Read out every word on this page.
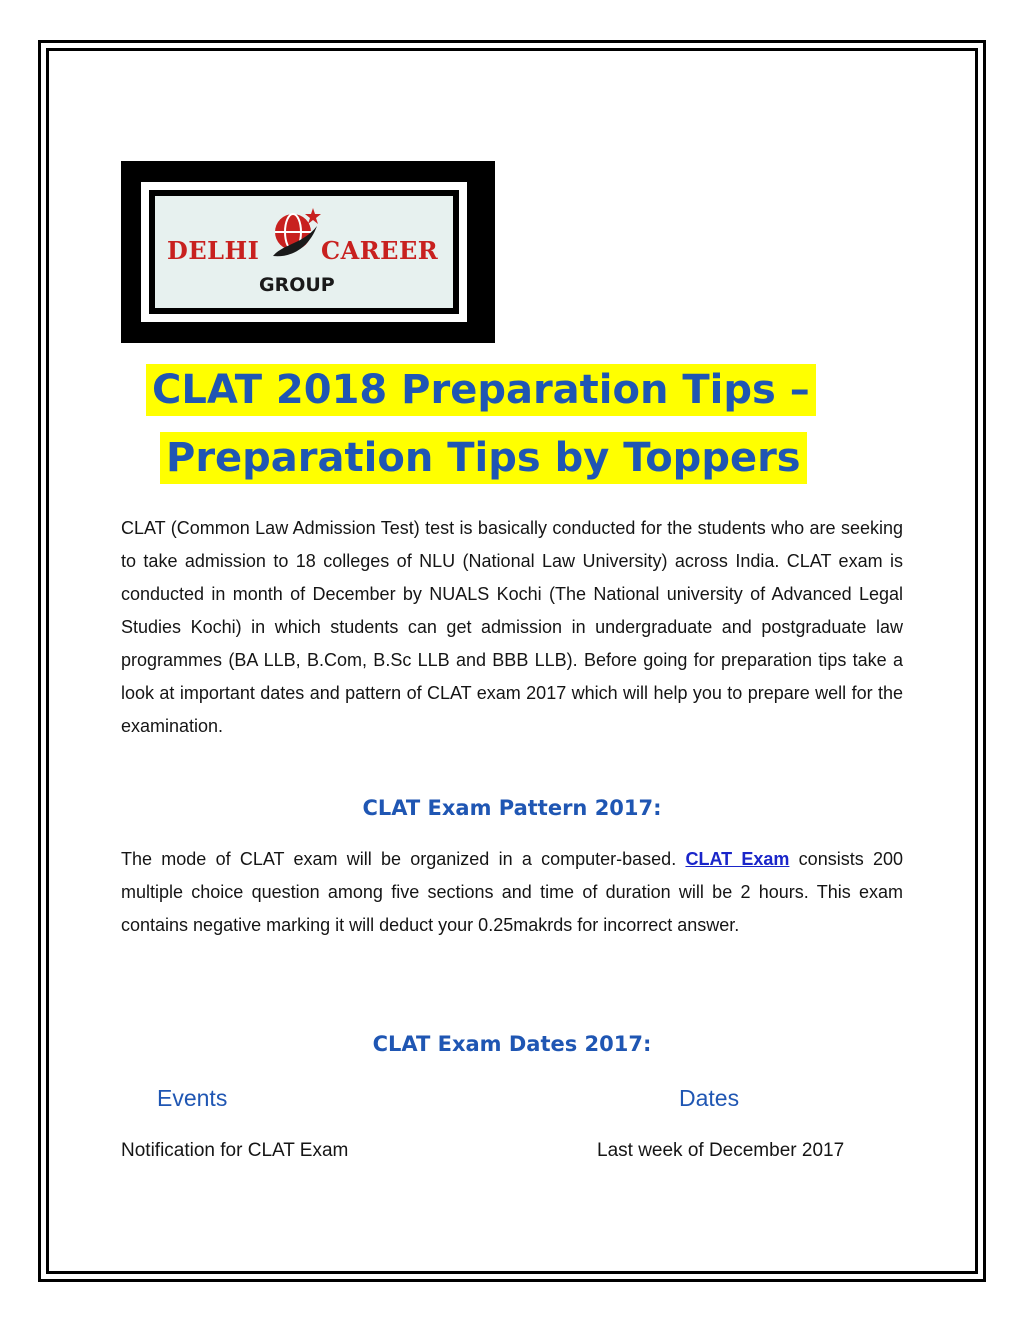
DELHI	CAREER
GROUP
CLAT 2018 Preparation Tips –
Preparation Tips by Toppers

CLAT (Common Law Admission Test) test is basically conducted for the students who are seeking to take admission to 18 colleges of NLU (National Law University) across India. CLAT exam is conducted in month of December by NUALS Kochi (The National university of Advanced Legal Studies Kochi) in which students can get admission in undergraduate and postgraduate law programmes (BA LLB, B.Com, B.Sc LLB and BBB LLB). Before going for preparation tips take a look at important dates and pattern of CLAT exam 2017 which will help you to prepare well for the examination.

CLAT Exam Pattern 2017:

The mode of CLAT exam will be organized in a computer-based. CLAT Exam consists 200 multiple choice question among five sections and time of duration will be 2 hours. This exam contains negative marking it will deduct your 0.25makrds for incorrect answer.

CLAT Exam Dates 2017:

Events	Dates

Notification for CLAT Exam	Last week of December 2017
